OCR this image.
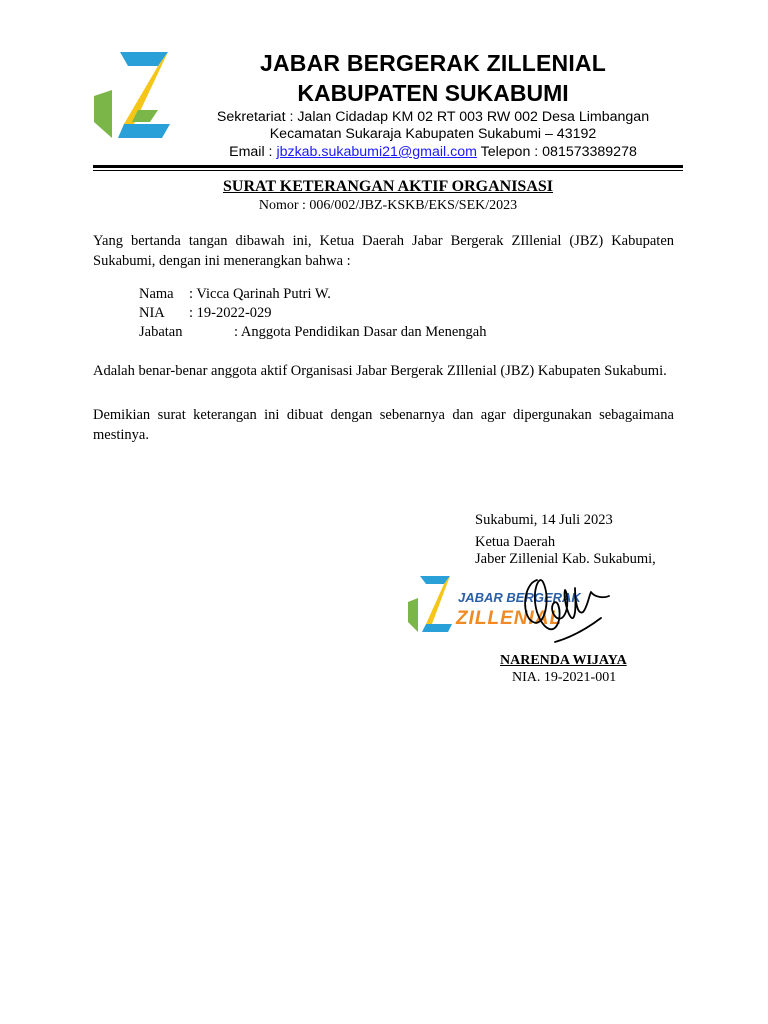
JABAR BERGERAK ZILLENIAL
KABUPATEN SUKABUMI
Sekretariat : Jalan Cidadap KM 02 RT 003 RW 002 Desa Limbangan
Kecamatan Sukaraja Kabupaten Sukabumi – 43192
Email : jbzkab.sukabumi21@gmail.com Telepon : 081573389278
SURAT KETERANGAN AKTIF ORGANISASI
Nomor : 006/002/JBZ-KSKB/EKS/SEK/2023
Yang bertanda tangan dibawah ini, Ketua Daerah Jabar Bergerak ZIllenial (JBZ) Kabupaten Sukabumi, dengan ini menerangkan bahwa :
Nama : Vicca Qarinah Putri W.
NIA : 19-2022-029
Jabatan	: Anggota Pendidikan Dasar dan Menengah
Adalah benar-benar anggota aktif Organisasi Jabar Bergerak ZIllenial (JBZ) Kabupaten Sukabumi.
Demikian surat keterangan ini dibuat dengan sebenarnya dan agar dipergunakan sebagaimana mestinya.
Sukabumi, 14 Juli 2023
Ketua Daerah
Jaber Zillenial Kab. Sukabumi,
JABAR BERGERAK
ZILLENIAL
NARENDA WIJAYA
NIA. 19-2021-001
